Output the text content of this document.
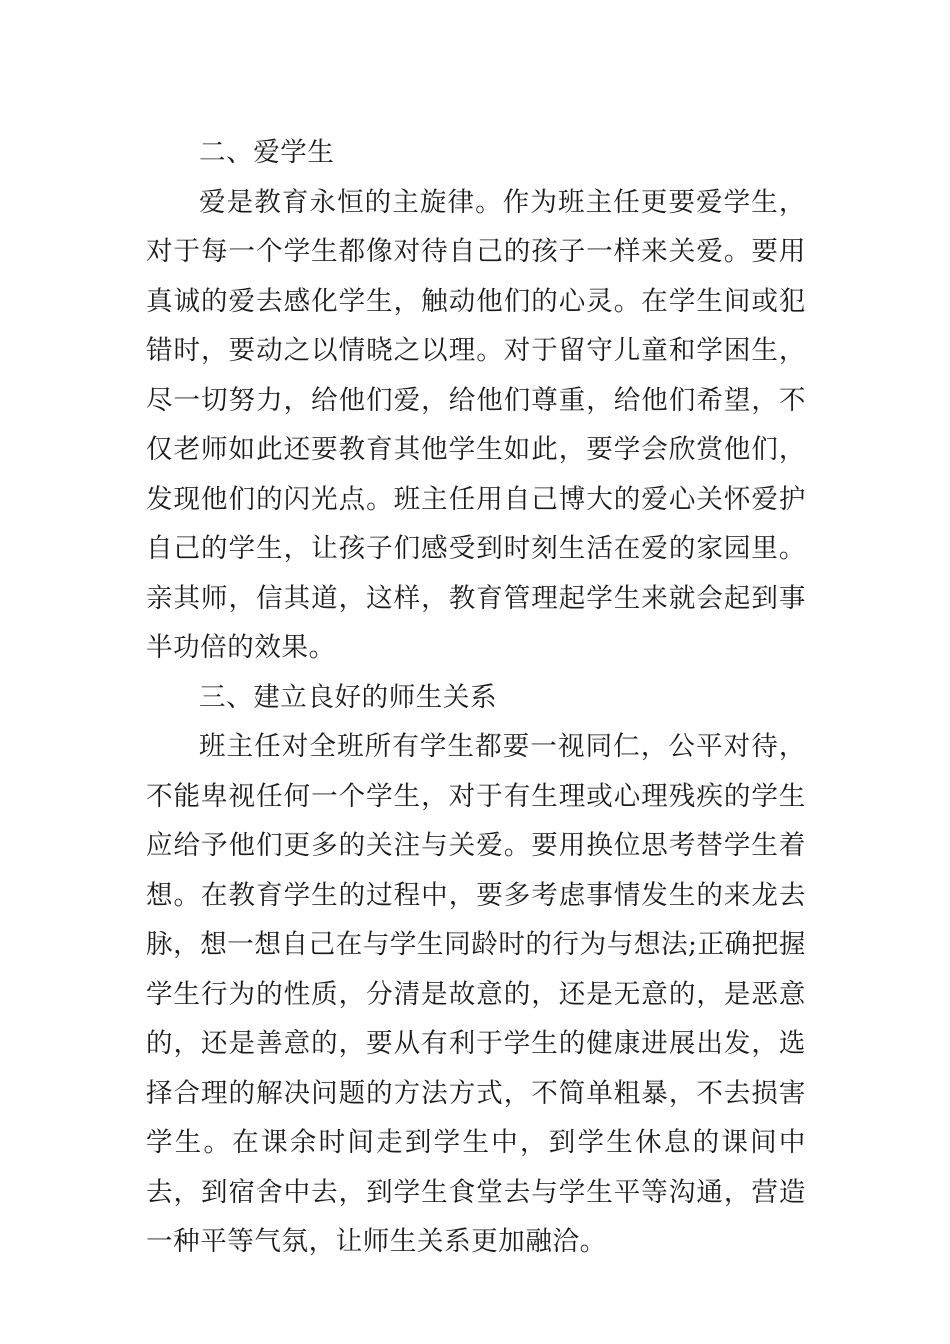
二、爱学生

爱是教育永恒的主旋律。作为班主任更要爱学生，对于每一个学生都像对待自己的孩子一样来关爱。要用真诚的爱去感化学生，触动他们的心灵。在学生间或犯错时，要动之以情晓之以理。对于留守儿童和学困生，尽一切努力，给他们爱，给他们尊重，给他们希望，不仅老师如此还要教育其他学生如此，要学会欣赏他们，发现他们的闪光点。班主任用自己博大的爱心关怀爱护自己的学生，让孩子们感受到时刻生活在爱的家园里。亲其师，信其道，这样，教育管理起学生来就会起到事半功倍的效果。

三、建立良好的师生关系

班主任对全班所有学生都要一视同仁，公平对待，不能卑视任何一个学生，对于有生理或心理残疾的学生应给予他们更多的关注与关爱。要用换位思考替学生着想。在教育学生的过程中，要多考虑事情发生的来龙去脉，想一想自己在与学生同龄时的行为与想法;正确把握学生行为的性质，分清是故意的，还是无意的，是恶意的，还是善意的，要从有利于学生的健康进展出发，选择合理的解决问题的方法方式，不简单粗暴，不去损害学生。在课余时间走到学生中，到学生休息的课间中去，到宿舍中去，到学生食堂去与学生平等沟通，营造一种平等气氛，让师生关系更加融洽。
